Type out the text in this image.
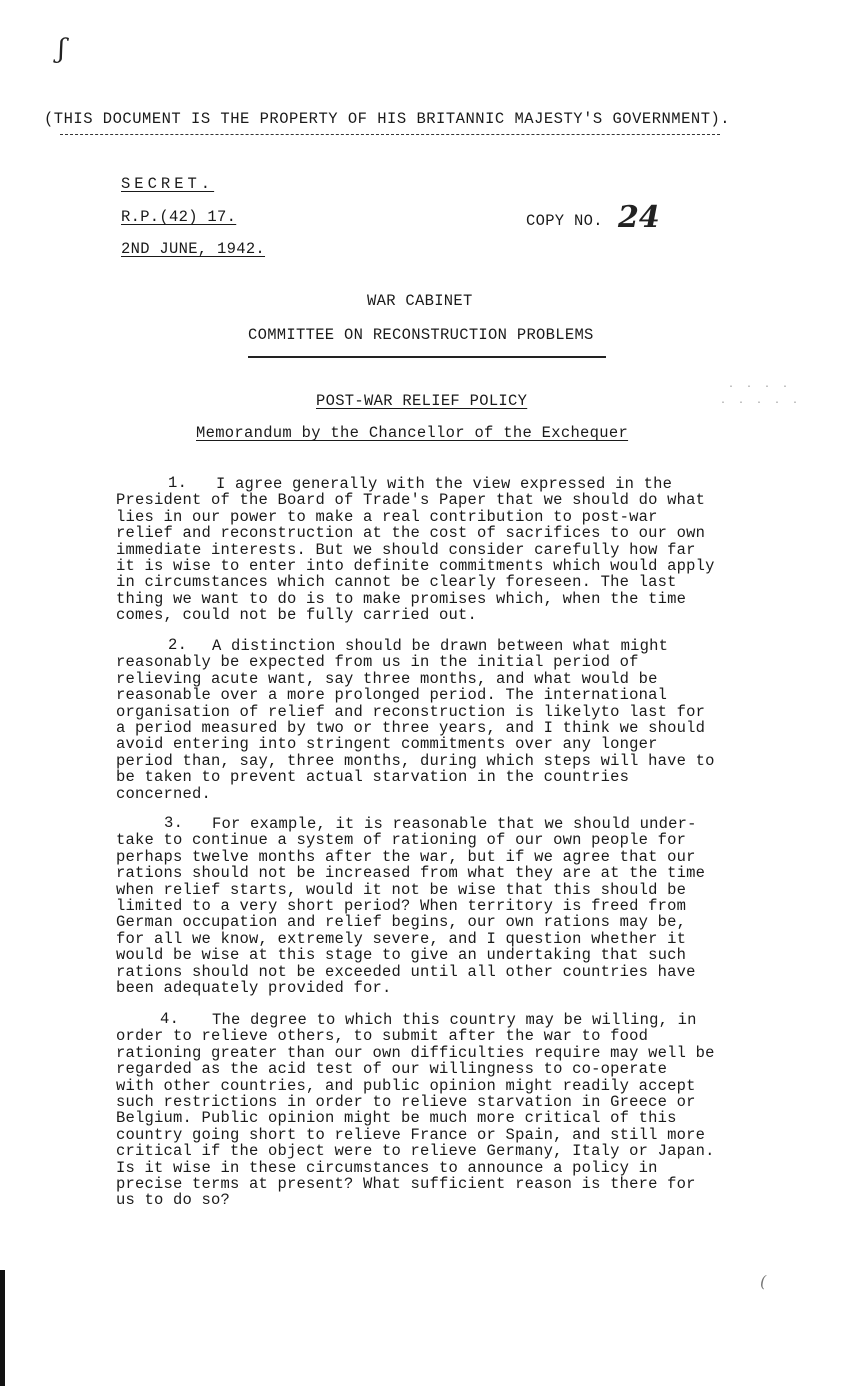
ʃ
(THIS DOCUMENT IS THE PROPERTY OF HIS BRITANNIC MAJESTY'S GOVERNMENT).
SECRET.
R.P.(42) 17.
2ND JUNE, 1942.
COPY NO. 24
WAR CABINET
COMMITTEE ON RECONSTRUCTION PROBLEMS
POST-WAR RELIEF POLICY
Memorandum by the Chancellor of the Exchequer
. . . .
. . . . .
1.	I agree generally with the view expressed in the
President of the Board of Trade's Paper that we should do what
lies in our power to make a real contribution to post-war
relief and reconstruction at the cost of sacrifices to our own
immediate interests. But we should consider carefully how far
it is wise to enter into definite commitments which would apply
in circumstances which cannot be clearly foreseen. The last
thing we want to do is to make promises which, when the time
comes, could not be fully carried out.
2.	A distinction should be drawn between what might
reasonably be expected from us in the initial period of
relieving acute want, say three months, and what would be
reasonable over a more prolonged period. The international
organisation of relief and reconstruction is likelyto last for
a period measured by two or three years, and I think we should
avoid entering into stringent commitments over any longer
period than, say, three months, during which steps will have to
be taken to prevent actual starvation in the countries
concerned.
3.	For example, it is reasonable that we should under-
take to continue a system of rationing of our own people for
perhaps twelve months after the war, but if we agree that our
rations should not be increased from what they are at the time
when relief starts, would it not be wise that this should be
limited to a very short period? When territory is freed from
German occupation and relief begins, our own rations may be,
for all we know, extremely severe, and I question whether it
would be wise at this stage to give an undertaking that such
rations should not be exceeded until all other countries have
been adequately provided for.
4.	The degree to which this country may be willing, in
order to relieve others, to submit after the war to food
rationing greater than our own difficulties require may well be
regarded as the acid test of our willingness to co-operate
with other countries, and public opinion might readily accept
such restrictions in order to relieve starvation in Greece or
Belgium. Public opinion might be much more critical of this
country going short to relieve France or Spain, and still more
critical if the object were to relieve Germany, Italy or Japan.
Is it wise in these circumstances to announce a policy in
precise terms at present? What sufficient reason is there for
us to do so?
(
